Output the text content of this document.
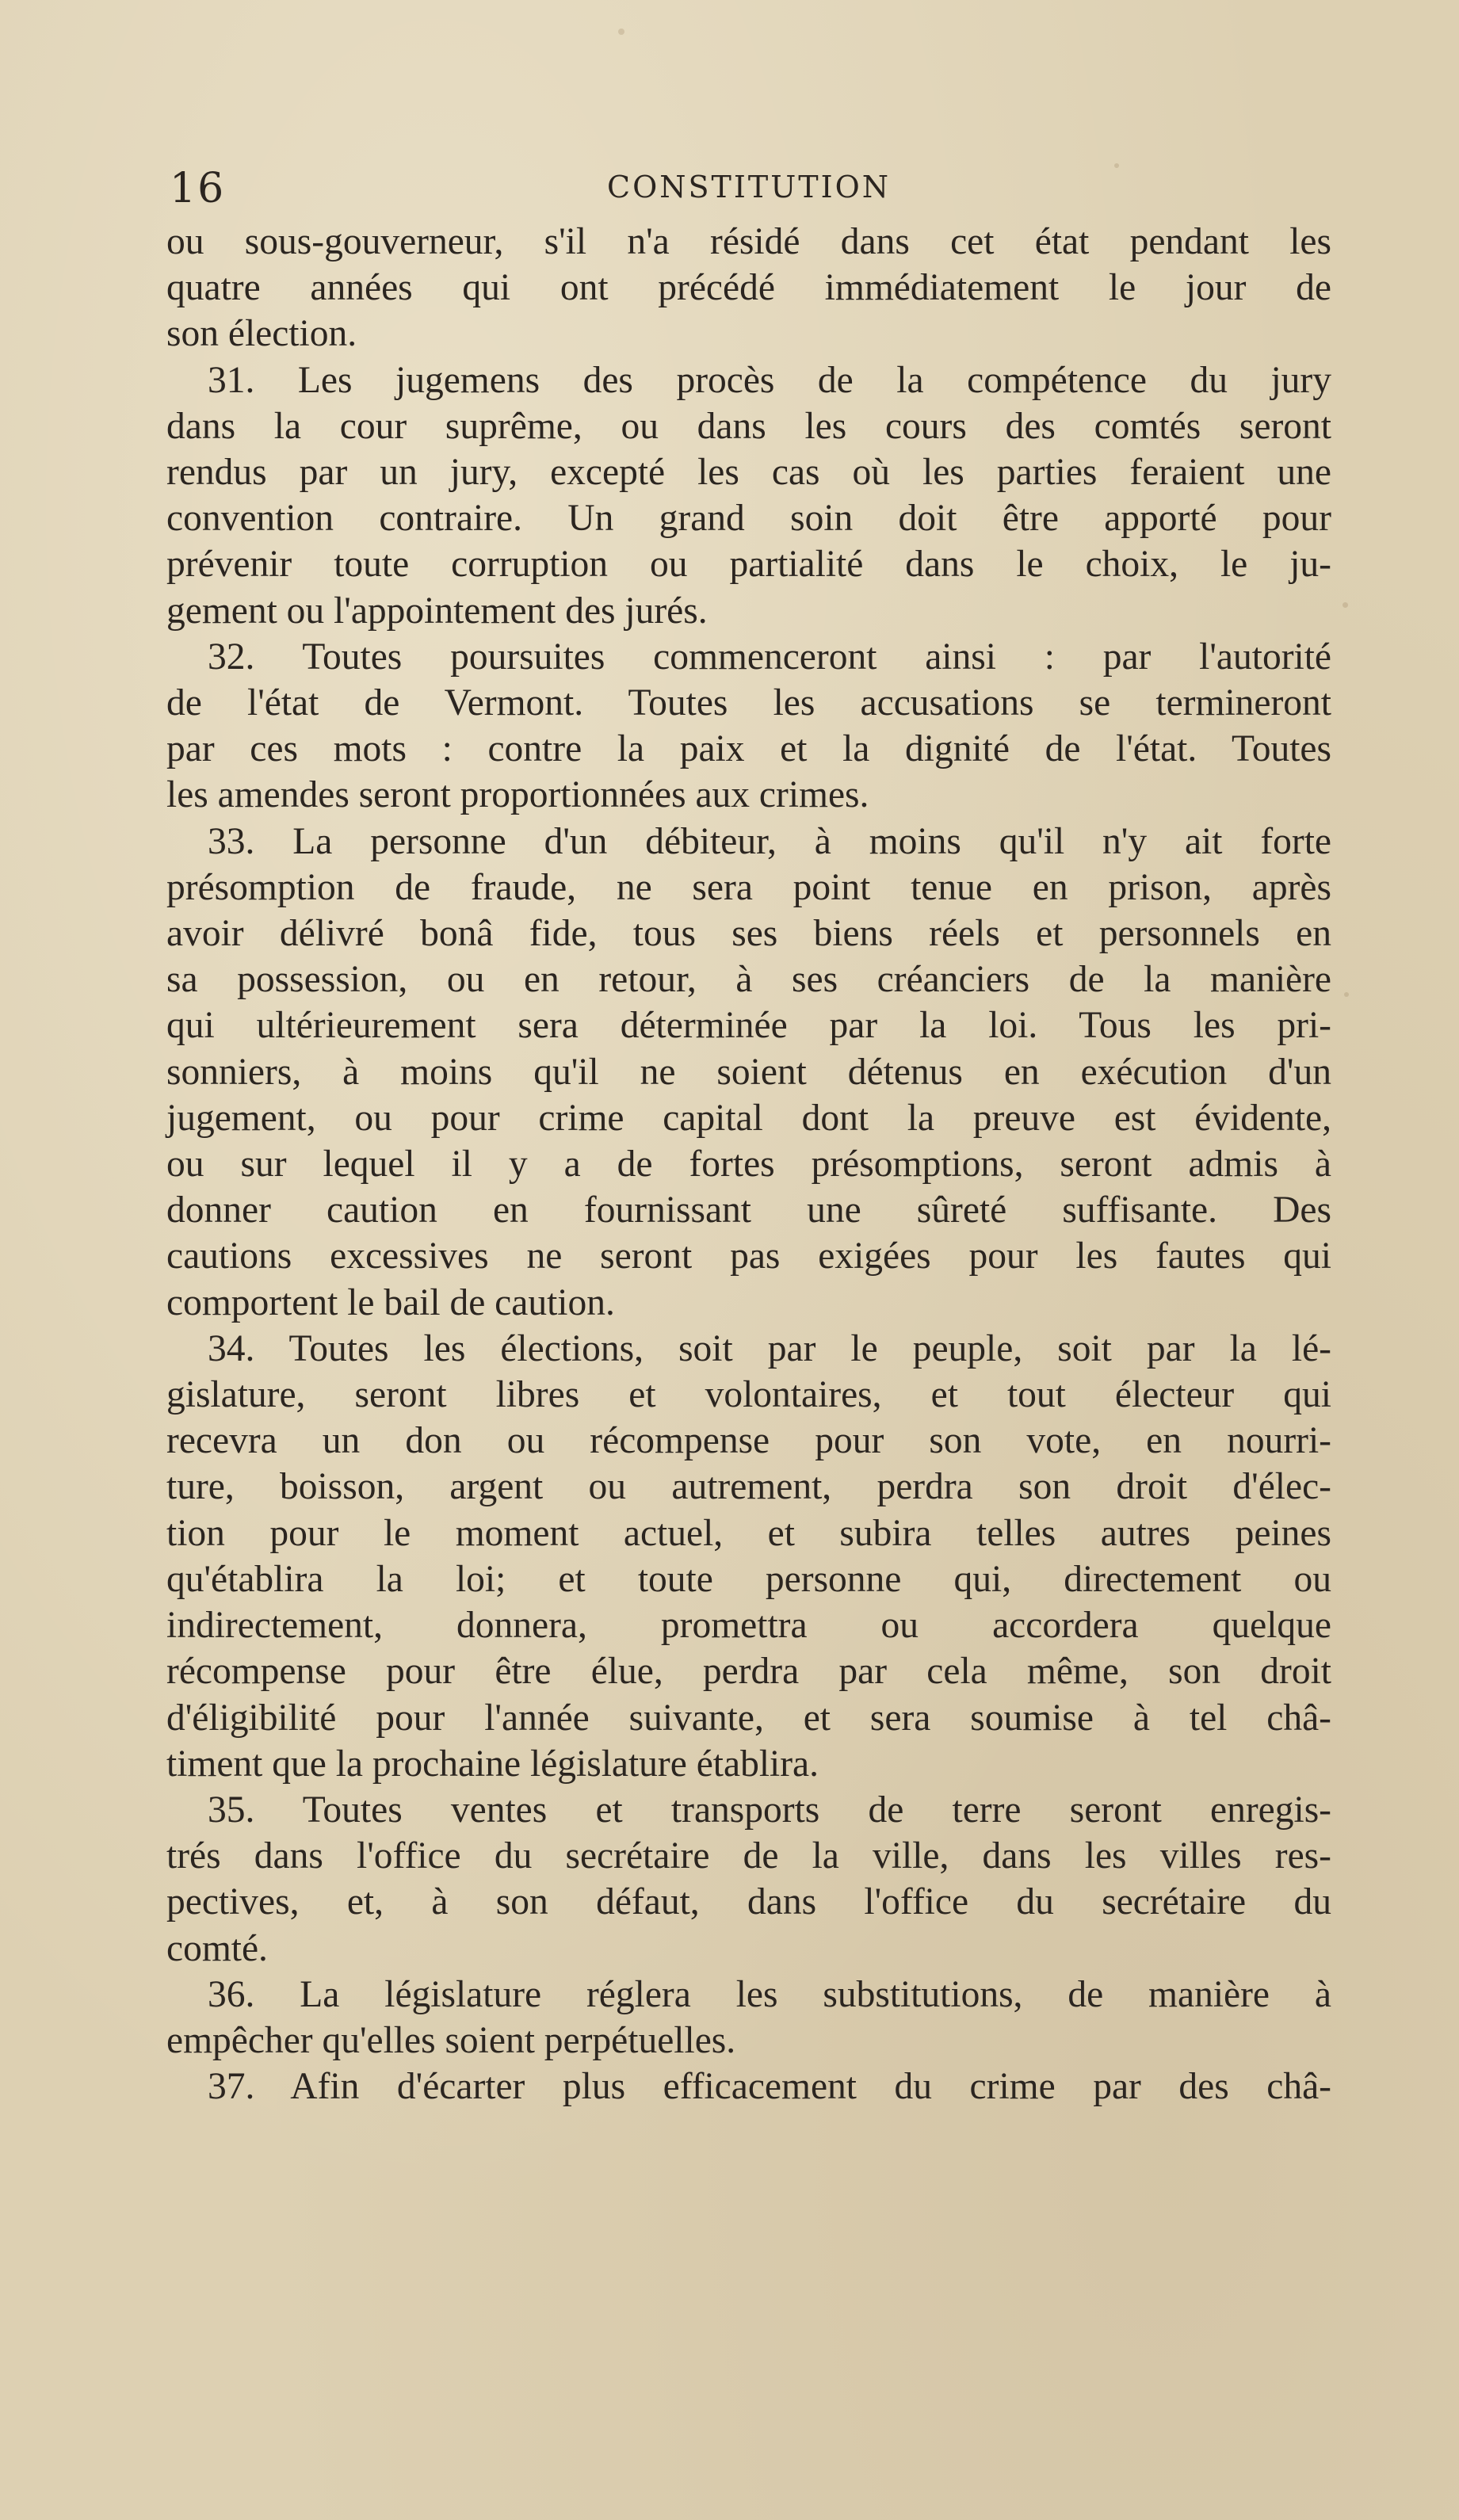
16	CONSTITUTION
ou sous-gouverneur, s'il n'a résidé dans cet état pendant les
quatre années qui ont précédé immédiatement le jour de
son élection.
31. Les jugemens des procès de la compétence du jury
dans la cour suprême, ou dans les cours des comtés seront
rendus par un jury, excepté les cas où les parties feraient une
convention contraire. Un grand soin doit être apporté pour
prévenir toute corruption ou partialité dans le choix, le ju-
gement ou l'appointement des jurés.
32. Toutes poursuites commenceront ainsi : par l'autorité
de l'état de Vermont. Toutes les accusations se termineront
par ces mots : contre la paix et la dignité de l'état. Toutes
les amendes seront proportionnées aux crimes.
33. La personne d'un débiteur, à moins qu'il n'y ait forte
présomption de fraude, ne sera point tenue en prison, après
avoir délivré bonâ fide, tous ses biens réels et personnels en
sa possession, ou en retour, à ses créanciers de la manière
qui ultérieurement sera déterminée par la loi. Tous les pri-
sonniers, à moins qu'il ne soient détenus en exécution d'un
jugement, ou pour crime capital dont la preuve est évidente,
ou sur lequel il y a de fortes présomptions, seront admis à
donner caution en fournissant une sûreté suffisante. Des
cautions excessives ne seront pas exigées pour les fautes qui
comportent le bail de caution.
34. Toutes les élections, soit par le peuple, soit par la lé-
gislature, seront libres et volontaires, et tout électeur qui
recevra un don ou récompense pour son vote, en nourri-
ture, boisson, argent ou autrement, perdra son droit d'élec-
tion pour le moment actuel, et subira telles autres peines
qu'établira la loi; et toute personne qui, directement ou
indirectement, donnera, promettra ou accordera quelque
récompense pour être élue, perdra par cela même, son droit
d'éligibilité pour l'année suivante, et sera soumise à tel châ-
timent que la prochaine législature établira.
35. Toutes ventes et transports de terre seront enregis-
trés dans l'office du secrétaire de la ville, dans les villes res-
pectives, et, à son défaut, dans l'office du secrétaire du
comté.
36. La législature réglera les substitutions, de manière à
empêcher qu'elles soient perpétuelles.
37. Afin d'écarter plus efficacement du crime par des châ-
